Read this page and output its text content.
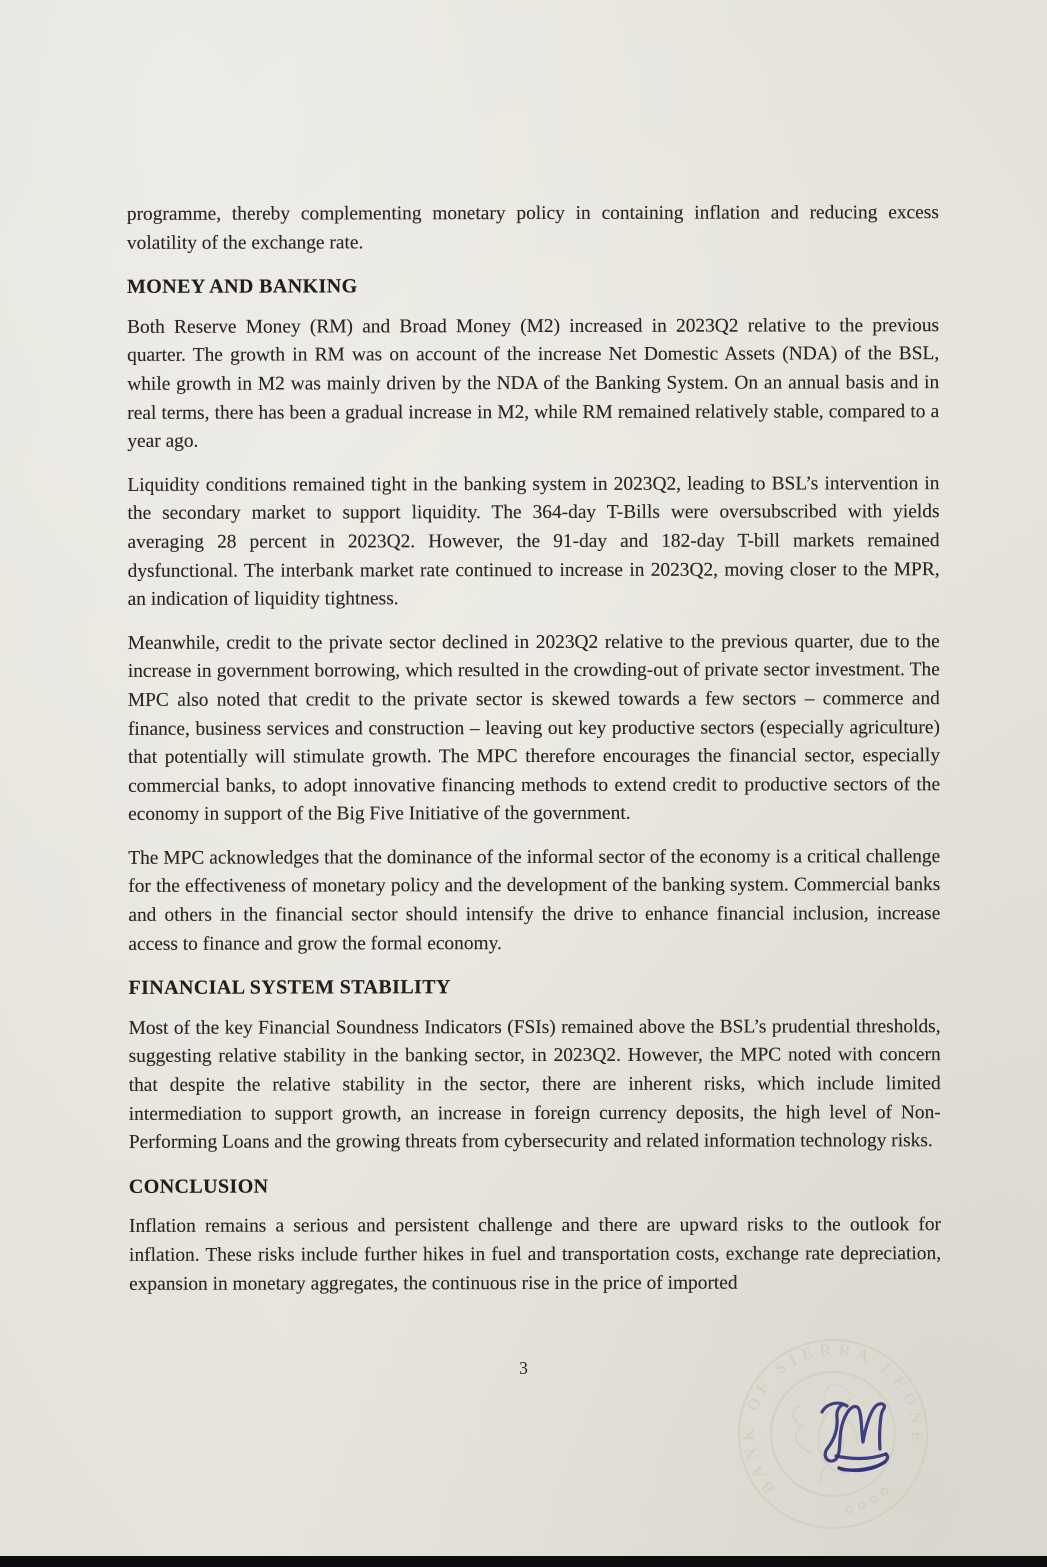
programme, thereby complementing monetary policy in containing inflation and reducing excess volatility of the exchange rate.

MONEY AND BANKING

Both Reserve Money (RM) and Broad Money (M2) increased in 2023Q2 relative to the previous quarter. The growth in RM was on account of the increase Net Domestic Assets (NDA) of the BSL, while growth in M2 was mainly driven by the NDA of the Banking System. On an annual basis and in real terms, there has been a gradual increase in M2, while RM remained relatively stable, compared to a year ago.

Liquidity conditions remained tight in the banking system in 2023Q2, leading to BSL’s intervention in the secondary market to support liquidity. The 364-day T-Bills were oversubscribed with yields averaging 28 percent in 2023Q2. However, the 91-day and 182-day T-bill markets remained dysfunctional. The interbank market rate continued to increase in 2023Q2, moving closer to the MPR, an indication of liquidity tightness.

Meanwhile, credit to the private sector declined in 2023Q2 relative to the previous quarter, due to the increase in government borrowing, which resulted in the crowding-out of private sector investment. The MPC also noted that credit to the private sector is skewed towards a few sectors – commerce and finance, business services and construction – leaving out key productive sectors (especially agriculture) that potentially will stimulate growth. The MPC therefore encourages the financial sector, especially commercial banks, to adopt innovative financing methods to extend credit to productive sectors of the economy in support of the Big Five Initiative of the government.

The MPC acknowledges that the dominance of the informal sector of the economy is a critical challenge for the effectiveness of monetary policy and the development of the banking system. Commercial banks and others in the financial sector should intensify the drive to enhance financial inclusion, increase access to finance and grow the formal economy.

FINANCIAL SYSTEM STABILITY

Most of the key Financial Soundness Indicators (FSIs) remained above the BSL’s prudential thresholds, suggesting relative stability in the banking sector, in 2023Q2. However, the MPC noted with concern that despite the relative stability in the sector, there are inherent risks, which include limited intermediation to support growth, an increase in foreign currency deposits, the high level of Non-Performing Loans and the growing threats from cybersecurity and related information technology risks.

CONCLUSION

Inflation remains a serious and persistent challenge and there are upward risks to the outlook for inflation. These risks include further hikes in fuel and transportation costs, exchange rate depreciation, expansion in monetary aggregates, the continuous rise in the price of imported

3
BANK OF SIERRA LEONE
